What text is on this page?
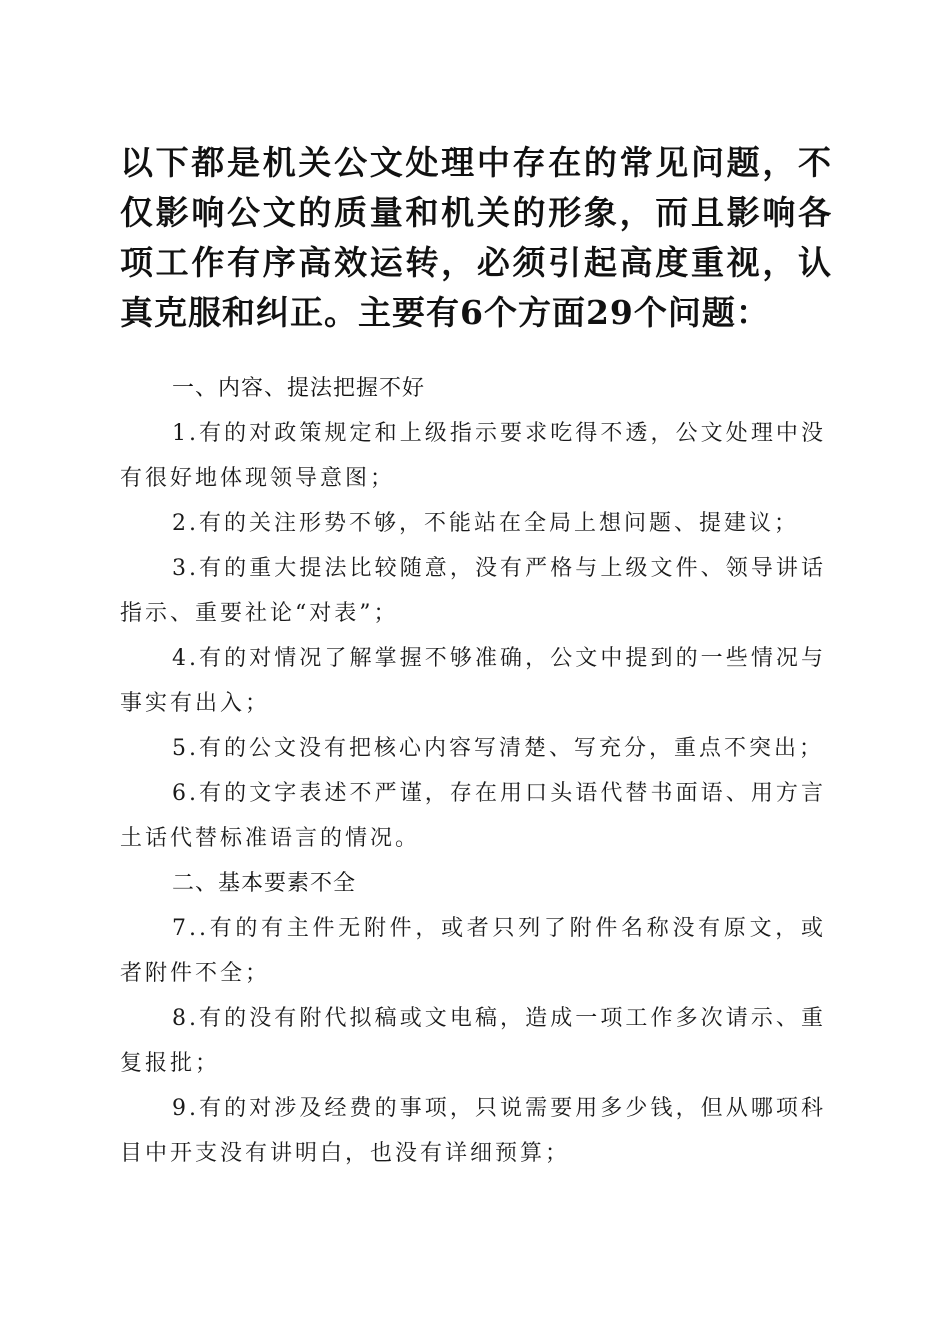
以下都是机关公文处理中存在的常见问题，不仅影响公文的质量和机关的形象，而且影响各项工作有序高效运转，必须引起高度重视，认 真克服和纠正。主要有6个方面29个问题：

一、内容、提法把握不好

1.有的对政策规定和上级指示要求吃得不透，公文处理中没有很好地体现领导意图；

2.有的关注形势不够，不能站在全局上想问题、提建议；

3.有的重大提法比较随意，没有严格与上级文件、领导讲话指示、重要社论“对表”；

4.有的对情况了解掌握不够准确，公文中提到的一些情况与事实有出入；

5.有的公文没有把核心内容写清楚、写充分，重点不突出；

6.有的文字表述不严谨，存在用口头语代替书面语、用方言土话代替标准语言的情况。

二、基本要素不全

7..有的有主件无附件，或者只列了附件名称没有原文，或者附件不全；

8.有的没有附代拟稿或文电稿，造成一项工作多次请示、重复报批；

9.有的对涉及经费的事项，只说需要用多少钱，但从哪项科目中开支没有讲明白，也没有详细预算；
